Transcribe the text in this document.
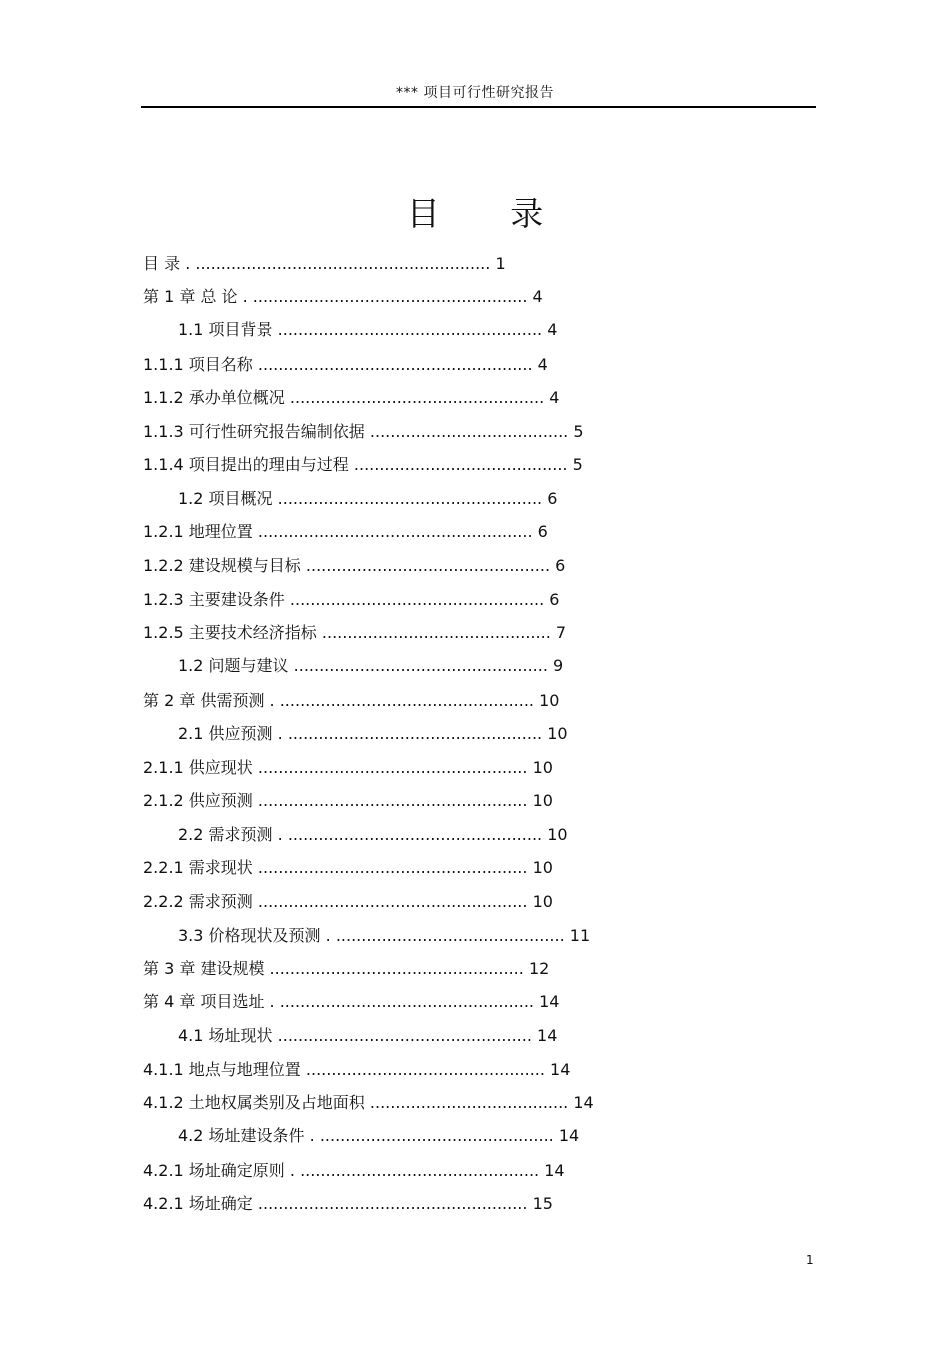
*** 项目可行性研究报告
目 录
目 录 . .......................................................... 1
第 1 章 总 论 . ...................................................... 4
1.1 项目背景 .................................................... 4
1.1.1 项目名称 ...................................................... 4
1.1.2 承办单位概况 .................................................. 4
1.1.3 可行性研究报告编制依据 ....................................... 5
1.1.4 项目提出的理由与过程 .......................................... 5
1.2 项目概况 .................................................... 6
1.2.1 地理位置 ...................................................... 6
1.2.2 建设规模与目标 ................................................ 6
1.2.3 主要建设条件 .................................................. 6
1.2.5 主要技术经济指标 ............................................. 7
1.2 问题与建议 .................................................. 9
第 2 章 供需预测 . .................................................. 10
2.1 供应预测 . .................................................. 10
2.1.1 供应现状 ..................................................... 10
2.1.2 供应预测 ..................................................... 10
2.2 需求预测 . .................................................. 10
2.2.1 需求现状 ..................................................... 10
2.2.2 需求预测 ..................................................... 10
3.3 价格现状及预测 . ............................................. 11
第 3 章 建设规模 .................................................. 12
第 4 章 项目选址 . .................................................. 14
4.1 场址现状 .................................................. 14
4.1.1 地点与地理位置 ............................................... 14
4.1.2 土地权属类别及占地面积 ....................................... 14
4.2 场址建设条件 . .............................................. 14
4.2.1 场址确定原则 . ............................................... 14
4.2.1 场址确定 ..................................................... 15
1
